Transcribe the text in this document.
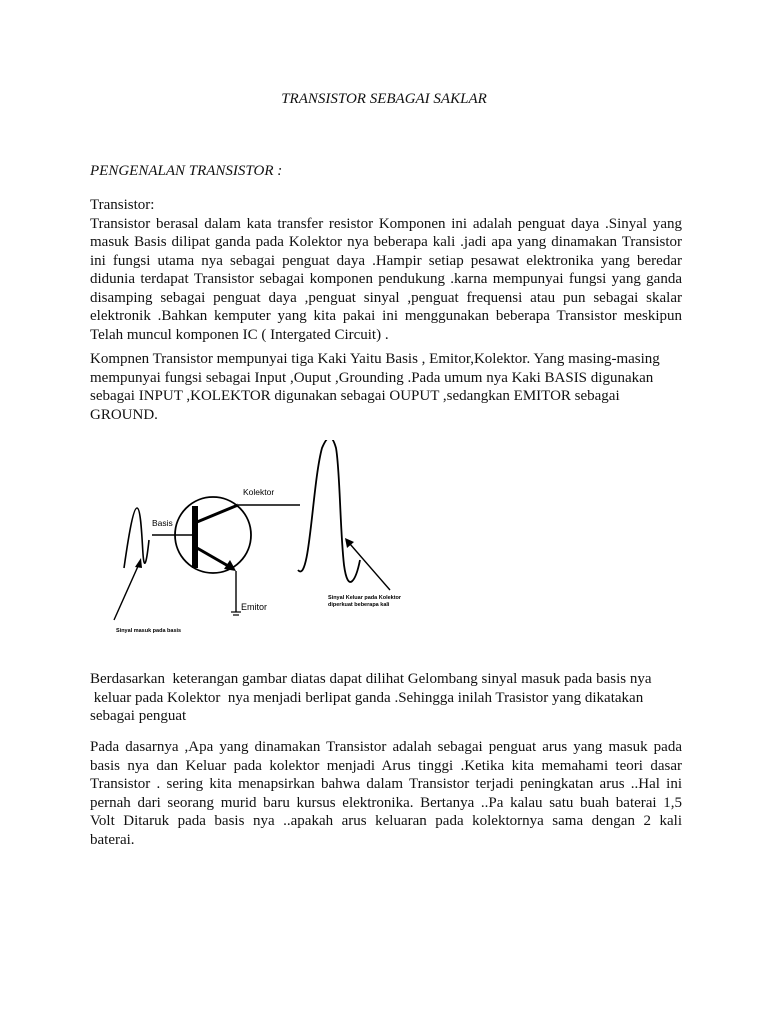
TRANSISTOR SEBAGAI SAKLAR
PENGENALAN TRANSISTOR :
Transistor:
Transistor berasal dalam kata transfer resistor Komponen ini adalah penguat daya .Sinyal yang
masuk Basis dilipat ganda pada Kolektor nya beberapa kali .jadi apa yang dinamakan Transistor
ini fungsi utama nya sebagai penguat daya .Hampir setiap pesawat elektronika yang beredar
didunia terdapat Transistor sebagai komponen pendukung .karna mempunyai fungsi yang ganda
disamping sebagai penguat daya ,penguat sinyal ,penguat frequensi atau pun sebagai skalar
elektronik .Bahkan kemputer yang kita pakai ini menggunakan beberapa Transistor meskipun
Telah muncul komponen IC ( Intergated Circuit) .
Kompnen Transistor mempunyai tiga Kaki Yaitu Basis , Emitor,Kolektor. Yang masing-masing
mempunyai fungsi sebagai Input ,Ouput ,Grounding .Pada umum nya Kaki BASIS digunakan
sebagai INPUT ,KOLEKTOR digunakan sebagai OUPUT ,sedangkan EMITOR sebagai
GROUND.
Kolektor
Basis
Emitor
Sinyal masuk pada basis
Sinyal Keluar pada Kolektor
diperkuat beberapa kali
Berdasarkan  keterangan gambar diatas dapat dilihat Gelombang sinyal masuk pada basis nya
keluar pada Kolektor  nya menjadi berlipat ganda .Sehingga inilah Trasistor yang dikatakan
sebagai penguat
Pada dasarnya ,Apa yang dinamakan Transistor adalah sebagai penguat arus yang masuk pada
basis nya dan Keluar pada kolektor menjadi Arus tinggi .Ketika kita memahami teori dasar
Transistor . sering kita menapsirkan bahwa dalam Transistor terjadi peningkatan arus ..Hal ini
pernah dari seorang murid baru kursus elektronika. Bertanya ..Pa kalau satu buah baterai 1,5
Volt Ditaruk pada basis nya ..apakah arus keluaran pada kolektornya sama dengan 2 kali
baterai.
